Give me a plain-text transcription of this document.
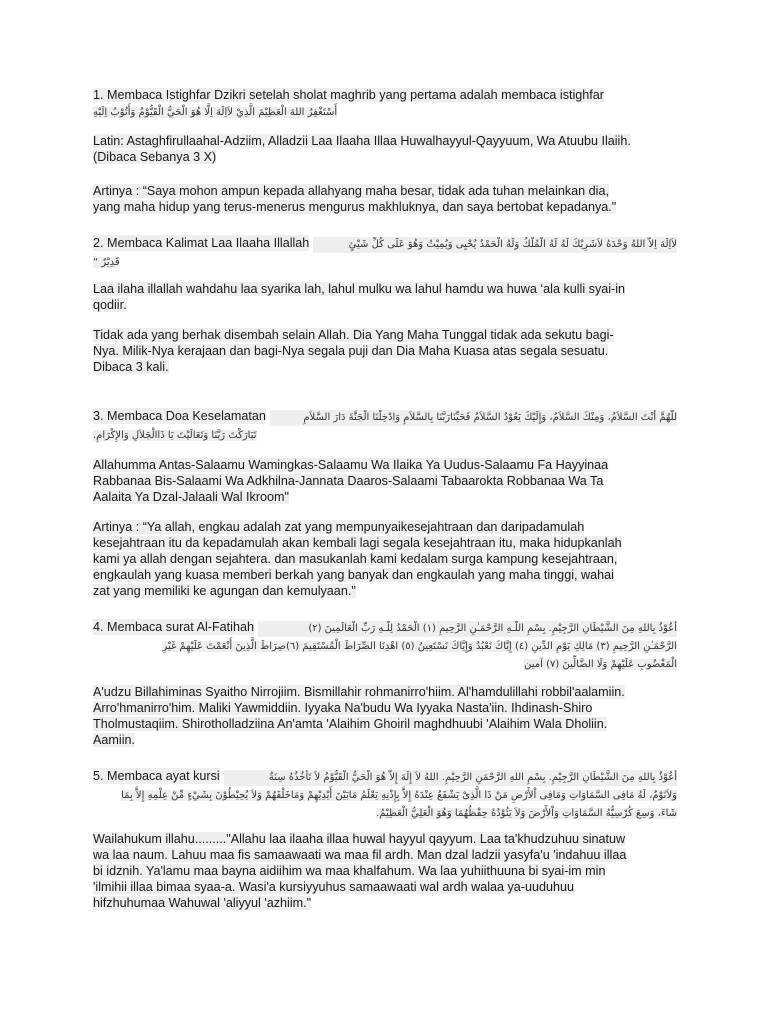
1. Membaca Istighfar Dzikri setelah sholat maghrib yang pertama adalah membaca istighfar
أَسْتَغْفِرُ اللهَ الْعَظِيْمَ الَّذِيْ لاَاِلَهَ اِلَّا هُوَ الْحَيُّ الْقَيُّوْمُ وَأَتُوْبُ اِلَيْهِ
Latin: Astaghfirullaahal-Adziim, Alladzii Laa Ilaaha Illaa Huwalhayyul-Qayyuum, Wa Atuubu Ilaiih.
(Dibaca Sebanya 3 X)
Artinya : “Saya mohon ampun kepada allahyang maha besar, tidak ada tuhan melainkan dia,
yang maha hidup yang terus-menerus mengurus makhluknya, dan saya bertobat kepadanya."
2. Membaca Kalimat Laa Ilaaha Illallah	لاَاِلَهَ اِلاَّ اللهُ وَحْدَهُ لاَشَرِيْكَ لَهُ لَهُ الْمُلْكُ وَلَهُ الْحَمْدُ يُحْيِى وَيُمِيْتُ وَهُوَ عَلَى كُلِّ شَيْئٍ
قَدِيْرٌ “
Laa ilaha illallah wahdahu laa syarika lah, lahul mulku wa lahul hamdu wa huwa ‘ala kulli syai-in
qodiir.
Tidak ada yang berhak disembah selain Allah. Dia Yang Maha Tunggal tidak ada sekutu bagi-
Nya. Milik-Nya kerajaan dan bagi-Nya segala puji dan Dia Maha Kuasa atas segala sesuatu.
Dibaca 3 kali.
3. Membaca Doa Keselamatan	للَّهُمَّ أَنْتَ السَّلاَمُ، وَمِنْكَ السَّلاَمُ، وَإِلَيْكَ يَعُوْدُ السَّلاَمُ فَحَيِّنَارَبَّنَا بِالسَّلاَمِ وَادْخِلْنَا الْجَنَّةَ دَارَ السَّلاَمِ
تَبَارَكْتَ رَبَّنَا وَتَعَالَيْتَ يَا ذَاالْجَلاَلِ وَالإِكْرَامِ.
Allahumma Antas-Salaamu Wamingkas-Salaamu Wa Ilaika Ya Uudus-Salaamu Fa Hayyinaa
Rabbanaa Bis-Salaami Wa Adkhilna-Jannata Daaros-Salaami Tabaarokta Robbanaa Wa Ta
Aalaita Ya Dzal-Jalaali Wal Ikroom"
Artinya : “Ya allah, engkau adalah zat yang mempunyaikesejahtraan dan daripadamulah
kesejahtraan itu da kepadamulah akan kembali lagi segala kesejahtraan itu, maka hidupkanlah
kami ya allah dengan sejahtera. dan masukanlah kami kedalam surga kampung kesejahtraan,
engkaulah yang kuasa memberi berkah yang banyak dan engkaulah yang maha tinggi, wahai
zat yang memiliki ke agungan dan kemulyaan."
4. Membaca surat Al-Fatihah	أَعُوْذُ بِاللهِ مِنَ الشَّيْطَانِ الرَّجِيْمِ. بِسْمِ اللَّـهِ الرَّحْمَـٰنِ الرَّحِيمِ (١) الْحَمْدُ لِلَّـهِ رَبِّ الْعَالَمِينَ (٢)
الرَّحْمَـٰنِ الرَّحِيمِ (٣) مَالِكِ يَوْمِ الدِّينِ (٤) إِيَّاكَ نَعْبُدُ وَإِيَّاكَ نَسْتَعِينُ (٥) اهْدِنَا الصِّرَاطَ الْمُسْتَقِيمَ (٦)صِرَاطَ الَّذِينَ أَنْعَمْتَ عَلَيْهِمْ غَيْرِ
الْمَغْضُوبِ عَلَيْهِمْ وَلَا الضَّالِّينَ (٧) آمين
A'udzu Billahiminas Syaitho Nirrojiim. Bismillahir rohmanirro'hiim. Al'hamdulillahi robbil'aalamiin.
Arro'hmanirro'him. Maliki Yawmiddiin. Iyyaka Na'budu Wa Iyyaka Nasta'iin. Ihdinash-Shiro
Tholmustaqiim. Shirotholladziina An'amta 'Alaihim Ghoiril maghdhuubi 'Alaihim Wala Dholiin.
Aamiin.
5. Membaca ayat kursi	أَعُوْذُ بِاللهِ مِنَ الشَّيْطَانِ الرَّجِيْمِ. بِسْمِ اللهِ الرَّحْمَنِ الرَّحِيْمِ. اللهُ لاَ إِلَهَ إِلاَّ هُوَ الْحَيُّ الْقَيُّوْمُ لاَ تَأْخُذُهُ سِنَةٌ
وَلاَنَوْمٌ، لَهُ مَافِى السَّمَاوَاتِ وَمَافِى اْلأَرْضِ مَنْ ذَا الَّذِىْ يَشْفَعُ عِنْدَهُ إِلاَّ بِإِذْنِهِ يَعْلَمُ مَابَيْنَ أَيْدِيْهِمْ وَمَاخَلْفَهُمْ وَلاَ يُحِيْطُوْنَ بِشَيْءٍ مِّنْ عِلْمِهِ إِلاَّ بِمَا
شَاءَ، وَسِعَ كُرْسِيُّهُ السَّمَاوَاتِ وَاْلأَرْضَ وَلاَ يَئُوْدُهُ حِفْظُهُمَا وَهُوَ الْعَلِيُّ الْعَظِيْمُ.
Wailahukum illahu........."Allahu laa ilaaha illaa huwal hayyul qayyum. Laa ta'khudzuhuu sinatuw
wa laa naum. Lahuu maa fis samaawaati wa maa fil ardh. Man dzal ladzii yasyfa'u 'indahuu illaa
bi idznih. Ya'lamu maa bayna aidiihim wa maa khalfahum. Wa laa yuhiithuuna bi syai-im min
'ilmihii illaa bimaa syaa-a. Wasi'a kursiyyuhus samaawaati wal ardh walaa ya-uuduhuu
hifzhuhumaa Wahuwal 'aliyyul 'azhiim."
